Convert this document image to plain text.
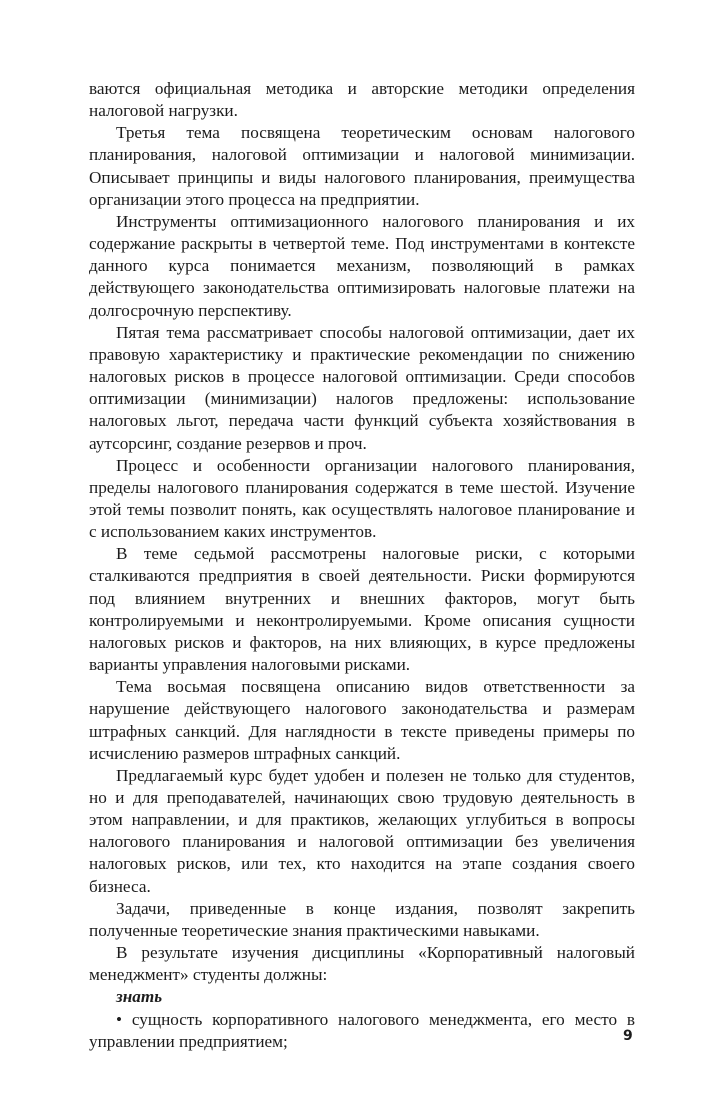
ваются официальная методика и авторские методики определения налоговой нагрузки.

Третья тема посвящена теоретическим основам налогового планирования, налоговой оптимизации и налоговой минимизации. Описывает принципы и виды налогового планирования, преимущества организации этого процесса на предприятии.

Инструменты оптимизационного налогового планирования и их содержание раскрыты в четвертой теме. Под инструментами в контексте данного курса понимается механизм, позволяющий в рамках действующего законодательства оптимизировать налоговые платежи на долгосрочную перспективу.

Пятая тема рассматривает способы налоговой оптимизации, дает их правовую характеристику и практические рекомендации по снижению налоговых рисков в процессе налоговой оптимизации. Среди способов оптимизации (минимизации) налогов предложены: использование налоговых льгот, передача части функций субъекта хозяйствования в аутсорсинг, создание резервов и проч.

Процесс и особенности организации налогового планирования, пределы налогового планирования содержатся в теме шестой. Изучение этой темы позволит понять, как осуществлять налоговое планирование и с использованием каких инструментов.

В теме седьмой рассмотрены налоговые риски, с которыми сталкиваются предприятия в своей деятельности. Риски формируются под влиянием внутренних и внешних факторов, могут быть контролируемыми и неконтролируемыми. Кроме описания сущности налоговых рисков и факторов, на них влияющих, в курсе предложены варианты управления налоговыми рисками.

Тема восьмая посвящена описанию видов ответственности за нарушение действующего налогового законодательства и размерам штрафных санкций. Для наглядности в тексте приведены примеры по исчислению размеров штрафных санкций.

Предлагаемый курс будет удобен и полезен не только для студентов, но и для преподавателей, начинающих свою трудовую деятельность в этом направлении, и для практиков, желающих углубиться в вопросы налогового планирования и налоговой оптимизации без увеличения налоговых рисков, или тех, кто находится на этапе создания своего бизнеса.

Задачи, приведенные в конце издания, позволят закрепить полученные теоретические знания практическими навыками.

В результате изучения дисциплины «Корпоративный налоговый менеджмент» студенты должны:

знать

• сущность корпоративного налогового менеджмента, его место в управлении предприятием;	9
